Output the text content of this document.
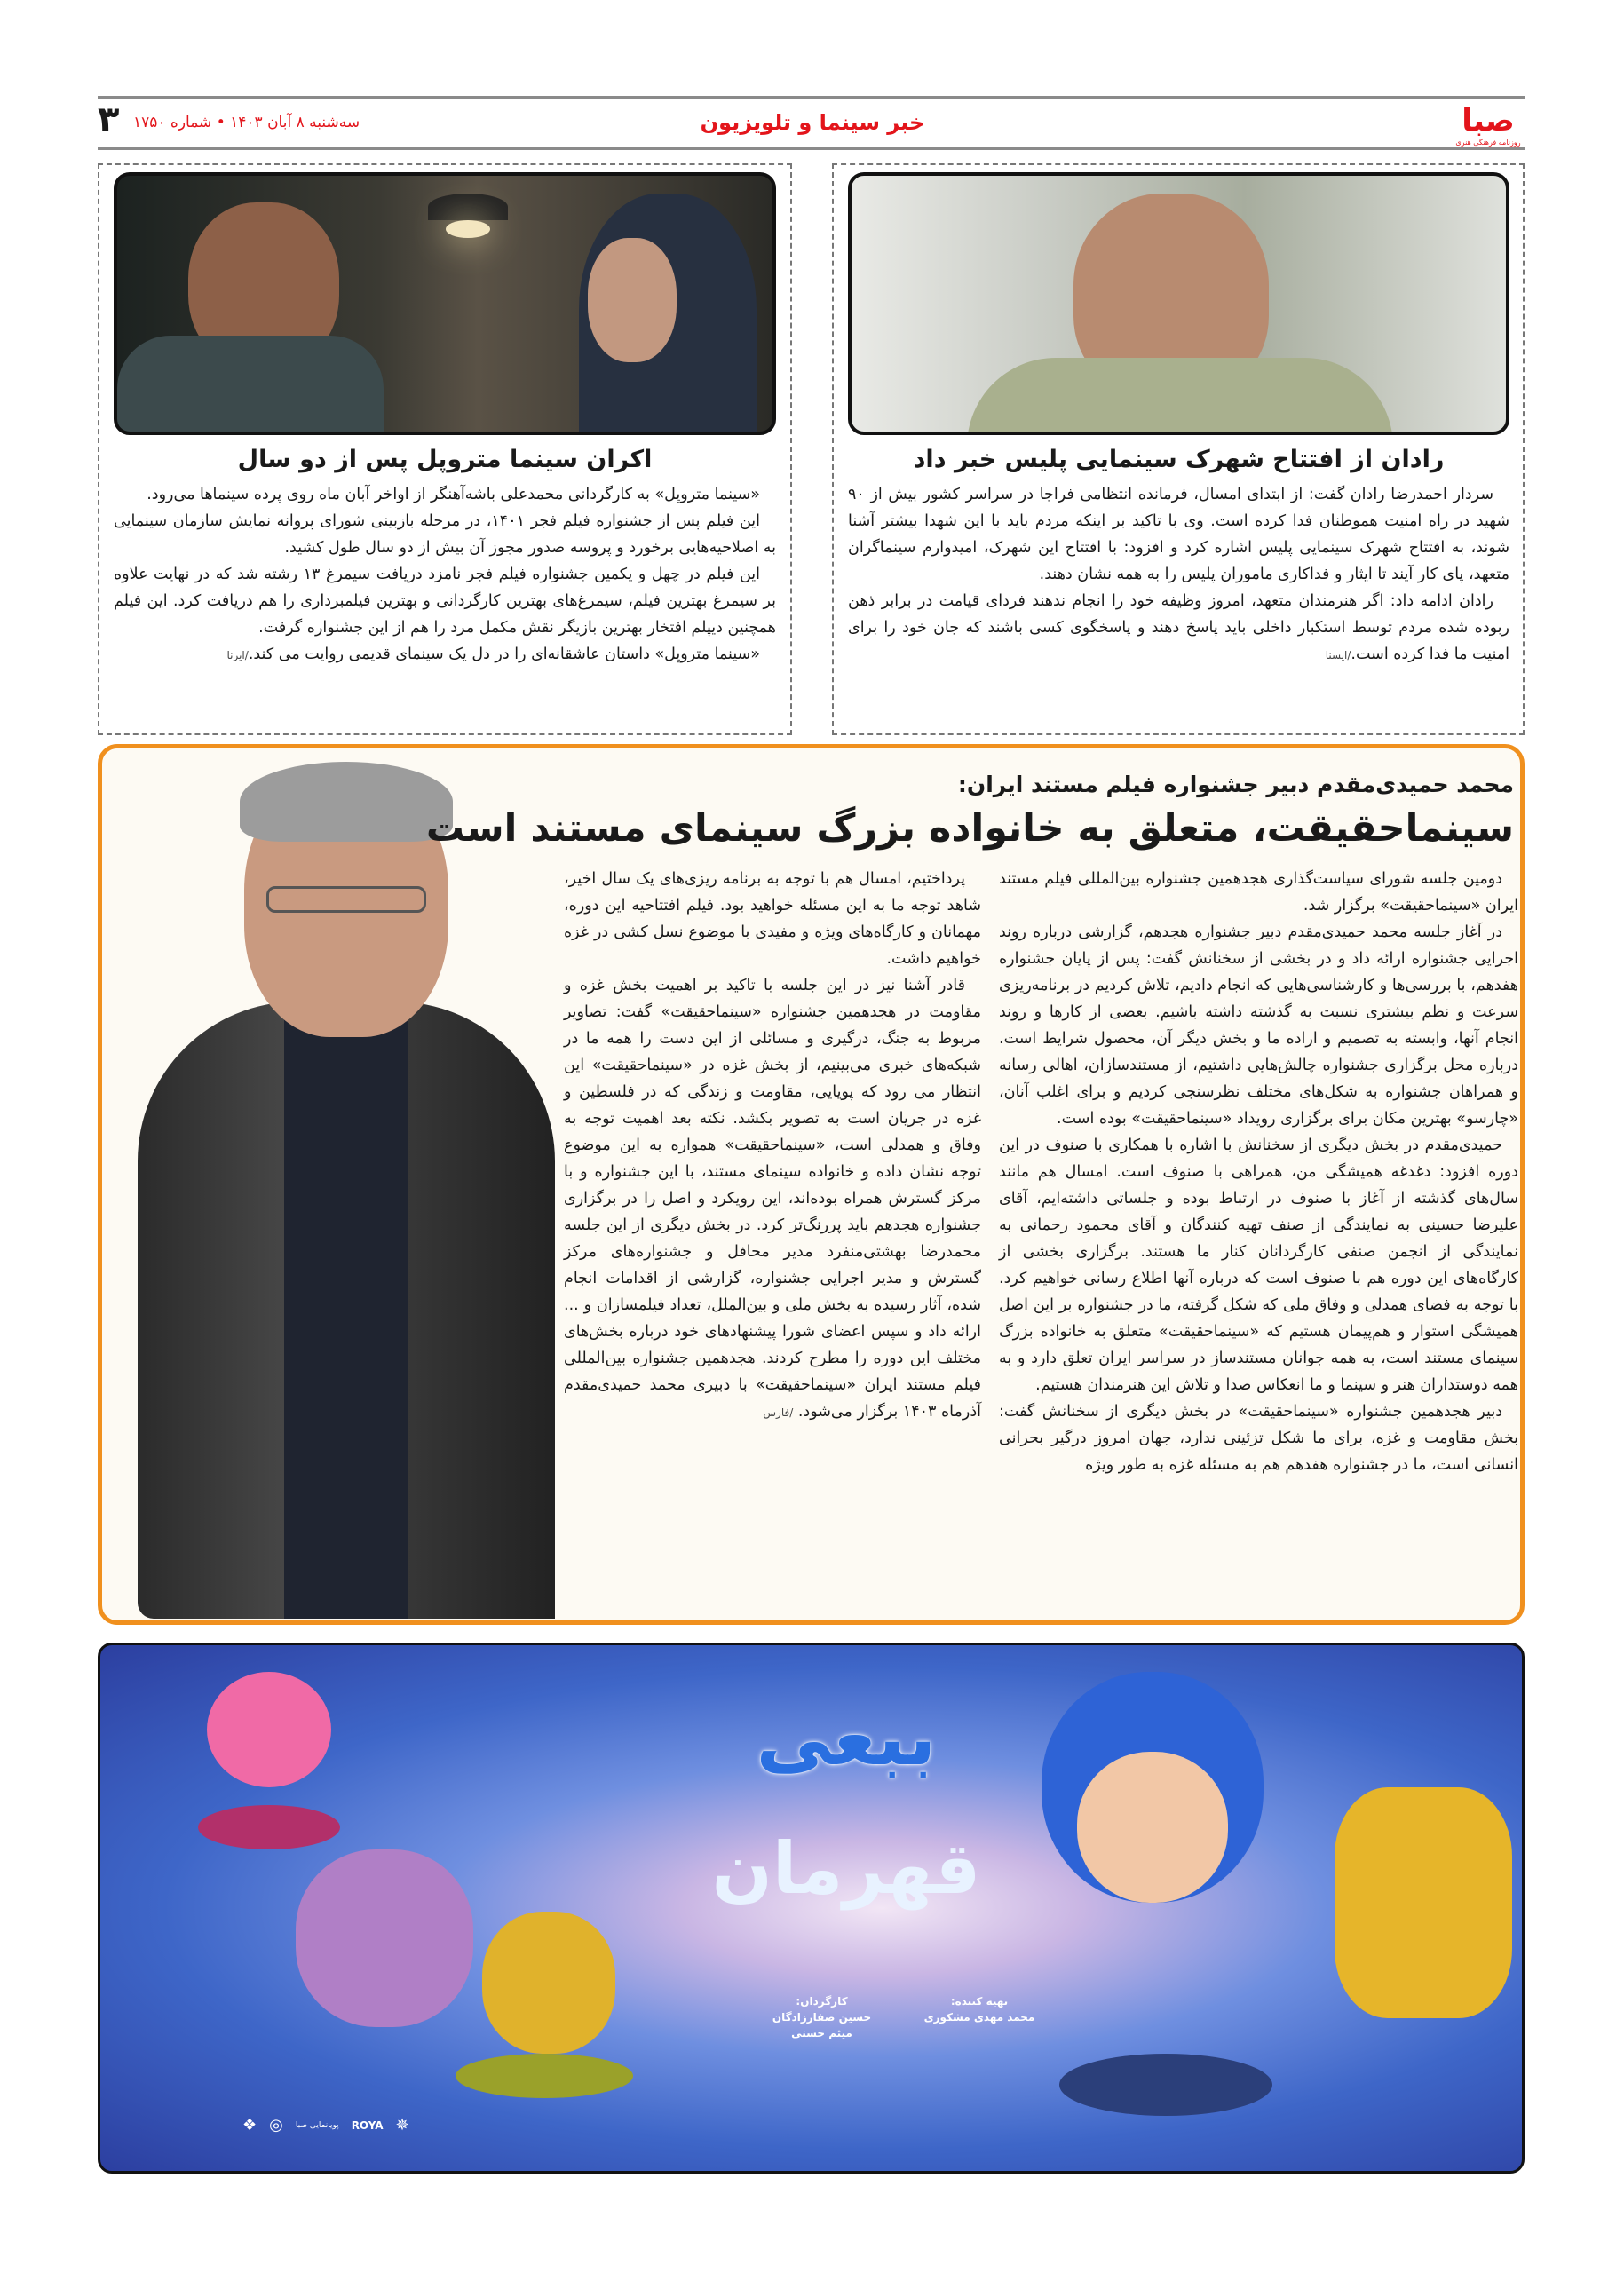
صبا
روزنامه فرهنگی هنری
خبر سینما و تلویزیون
سه‌شنبه ۸ آبان ۱۴۰۳ • شماره ۱۷۵۰
۳
رادان از افتتاح شهرک سینمایی پلیس خبر داد

سردار احمدرضا رادان گفت: از ابتدای امسال، فرمانده انتظامی فراجا در سراسر کشور بیش از ۹۰ شهید در راه امنیت هموطنان فدا کرده است. وی با تاکید بر اینکه مردم باید با این شهدا بیشتر آشنا شوند، به افتتاح شهرک سینمایی پلیس اشاره کرد و افزود: با افتتاح این شهرک، امیدوارم سینماگران متعهد، پای کار آیند تا ایثار و فداکاری ماموران پلیس را به همه نشان دهند.

رادان ادامه داد: اگر هنرمندان متعهد، امروز وظیفه خود را انجام ندهند فردای قیامت در برابر ذهن ربوده شده مردم توسط استکبار داخلی باید پاسخ دهند و پاسخگوی کسی باشند که جان خود را برای امنیت ما فدا کرده است./ایسنا

اکران سینما متروپل پس از دو سال

«سینما متروپل» به کارگردانی محمدعلی باشه‌آهنگر از اواخر آبان ماه روی پرده سینماها می‌رود.

این فیلم پس از جشنواره فیلم فجر ۱۴۰۱، در مرحله بازبینی شورای پروانه نمایش سازمان سینمایی به اصلاحیه‌هایی برخورد و پروسه صدور مجوز آن بیش از دو سال طول کشید.

این فیلم در چهل و یکمین جشنواره فیلم فجر نامزد دریافت سیمرغ ۱۳ رشته شد که در نهایت علاوه بر سیمرغ بهترین فیلم، سیمرغ‌های بهترین کارگردانی و بهترین فیلمبرداری را هم دریافت کرد. این فیلم همچنین دیپلم افتخار بهترین بازیگر نقش مکمل مرد را هم از این جشنواره گرفت.

«سینما متروپل» داستان عاشقانه‌ای را در دل یک سینمای قدیمی روایت می کند./ایرنا

محمد حمیدی‌مقدم دبیر جشنواره فیلم مستند ایران:
سینماحقیقت، متعلق به خانواده بزرگ سینمای مستند است

دومین جلسه شورای سیاست‌گذاری هجدهمین جشنواره بین‌المللی فیلم مستند ایران «سینماحقیقت» برگزار شد.

در آغاز جلسه محمد حمیدی‌مقدم دبیر جشنواره هجدهم، گزارشی درباره روند اجرایی جشنواره ارائه داد و در بخشی از سخنانش گفت: پس از پایان جشنواره هفدهم، با بررسی‌ها و کارشناسی‌هایی که انجام دادیم، تلاش کردیم در برنامه‌ریزی سرعت و نظم بیشتری نسبت به گذشته داشته باشیم. بعضی از کارها و روند انجام آنها، وابسته به تصمیم و اراده ما و بخش دیگر آن، محصول شرایط است. درباره محل برگزاری جشنواره چالش‌هایی داشتیم، از مستندسازان، اهالی رسانه و همراهان جشنواره به شکل‌های مختلف نظرسنجی کردیم و برای اغلب آنان، «چارسو» بهترین مکان برای برگزاری رویداد «سینماحقیقت» بوده است.

حمیدی‌مقدم در بخش دیگری از سخنانش با اشاره با همکاری با صنوف در این دوره افزود: دغدغه همیشگی من، همراهی با صنوف است. امسال هم مانند سال‌های گذشته از آغاز با صنوف در ارتباط بوده و جلساتی داشته‌ایم، آقای علیرضا حسینی به نمایندگی از صنف تهیه کنندگان و آقای محمود رحمانی به نمایندگی از انجمن صنفی کارگردانان کنار ما هستند. برگزاری بخشی از کارگاه‌های این دوره هم با صنوف است که درباره آنها اطلاع رسانی خواهیم کرد. با توجه به فضای همدلی و وفاق ملی که شکل گرفته، ما در جشنواره بر این اصل همیشگی استوار و هم‌پیمان هستیم که «سینماحقیقت» متعلق به خانواده بزرگ سینمای مستند است، به همه جوانان مستندساز در سراسر ایران تعلق دارد و به همه دوستداران هنر و سینما و ما انعکاس صدا و تلاش این هنرمندان هستیم.

دبیر هجدهمین جشنواره «سینماحقیقت» در بخش دیگری از سخنانش گفت: بخش مقاومت و غزه، برای ما شکل تزئینی ندارد، جهان امروز درگیر بحرانی انسانی است، ما در جشنواره هفدهم هم به مسئله غزه به طور ویژه

پرداختیم، امسال هم با توجه به برنامه ریزی‌های یک سال اخیر، شاهد توجه ما به این مسئله خواهید بود. فیلم افتتاحیه این دوره، مهمانان و کارگاه‌های ویژه و مفیدی با موضوع نسل کشی در غزه خواهیم داشت.

قادر آشنا نیز در این جلسه با تاکید بر اهمیت بخش غزه و مقاومت در هجدهمین جشنواره «سینماحقیقت» گفت: تصاویر مربوط به جنگ، درگیری و مسائلی از این دست را همه ما در شبکه‌های خبری می‌بینیم، از بخش غزه در «سینماحقیقت» این انتظار می رود که پویایی، مقاومت و زندگی که در فلسطین و غزه در جریان است به تصویر بکشد. نکته بعد اهمیت توجه به وفاق و همدلی است، «سینماحقیقت» همواره به این موضوع توجه نشان داده و خانواده سینمای مستند، با این جشنواره و با مرکز گسترش همراه بوده‌اند، این رویکرد و اصل را در برگزاری جشنواره هجدهم باید پررنگ‌تر کرد. در بخش دیگری از این جلسه محمدرضا بهشتی‌منفرد مدیر محافل و جشنواره‌های مرکز گسترش و مدیر اجرایی جشنواره، گزارشی از اقدامات انجام شده، آثار رسیده به بخش ملی و بین‌الملل، تعداد فیلمسازان و ... ارائه داد و سپس اعضای شورا پیشنهادهای خود درباره بخش‌های مختلف این دوره را مطرح کردند. هجدهمین جشنواره بین‌المللی فیلم مستند ایران «سینماحقیقت» با دبیری محمد حمیدی‌مقدم آذرماه ۱۴۰۳ برگزار می‌شود. /فارس

ببعی
قهرمان
تهیه کننده:
محمد مهدی مشکوری
کارگردان:
حسین صفارزادگان
میثم حسنی
❖ ◎ پویانمایی صبا ROYA ✵
